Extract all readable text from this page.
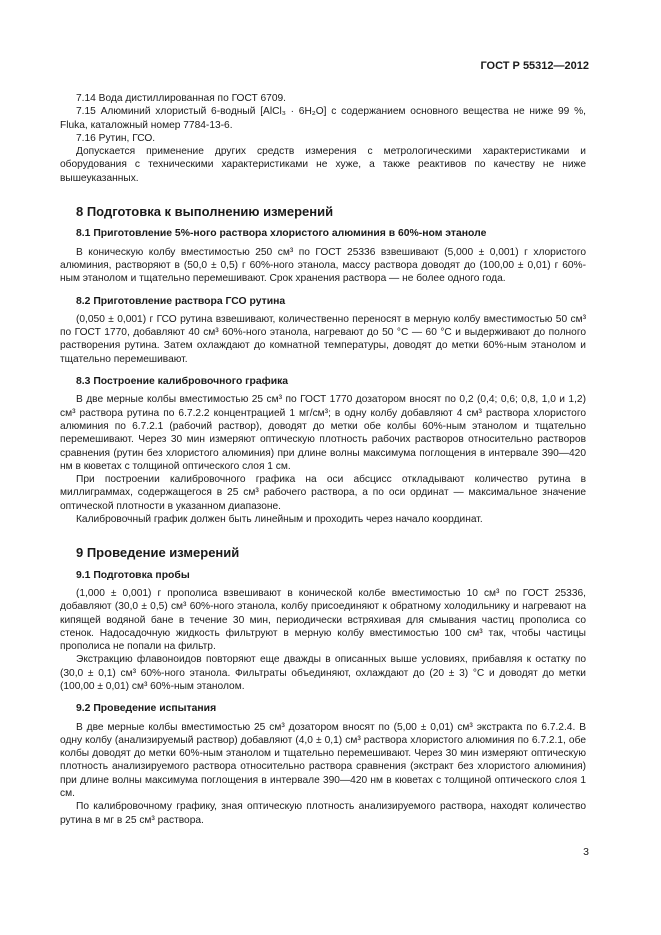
ГОСТ Р 55312—2012

7.14 Вода дистиллированная по ГОСТ 6709.

7.15 Алюминий хлористый 6-водный [AlCl₃ · 6H₂O] с содержанием основного вещества не ниже 99 %, Fluka, каталожный номер 7784-13-6.

7.16 Рутин, ГСО.

Допускается применение других средств измерения с метрологическими характеристиками и оборудования с техническими характеристиками не хуже, а также реактивов по качеству не ниже вышеуказанных.

8 Подготовка к выполнению измерений
8.1 Приготовление 5%-ного раствора хлористого алюминия в 60%-ном этаноле

В коническую колбу вместимостью 250 см³ по ГОСТ 25336 взвешивают (5,000 ± 0,001) г хлористого алюминия, растворяют в (50,0 ± 0,5) г 60%-ного этанола, массу раствора доводят до (100,00 ± 0,01) г 60%-ным этанолом и тщательно перемешивают. Срок хранения раствора — не более одного года.

8.2 Приготовление раствора ГСО рутина

(0,050 ± 0,001) г ГСО рутина взвешивают, количественно переносят в мерную колбу вместимостью 50 см³ по ГОСТ 1770, добавляют 40 см³ 60%-ного этанола, нагревают до 50 °С — 60 °С и выдерживают до полного растворения рутина. Затем охлаждают до комнатной температуры, доводят до метки 60%-ным этанолом и тщательно перемешивают.

8.3 Построение калибровочного графика

В две мерные колбы вместимостью 25 см³ по ГОСТ 1770 дозатором вносят по 0,2 (0,4; 0,6; 0,8, 1,0 и 1,2) см³ раствора рутина по 6.7.2.2 концентрацией 1 мг/см³; в одну колбу добавляют 4 см³ раствора хлористого алюминия по 6.7.2.1 (рабочий раствор), доводят до метки обе колбы 60%-ным этанолом и тщательно перемешивают. Через 30 мин измеряют оптическую плотность рабочих растворов относительно растворов сравнения (рутин без хлористого алюминия) при длине волны максимума поглощения в интервале 390—420 нм в кюветах с толщиной оптического слоя 1 см.

При построении калибровочного графика на оси абсцисс откладывают количество рутина в миллиграммах, содержащегося в 25 см³ рабочего раствора, а по оси ординат — максимальное значение оптической плотности в указанном диапазоне.

Калибровочный график должен быть линейным и проходить через начало координат.

9 Проведение измерений
9.1 Подготовка пробы

(1,000 ± 0,001) г прополиса взвешивают в конической колбе вместимостью 10 см³ по ГОСТ 25336, добавляют (30,0 ± 0,5) см³ 60%-ного этанола, колбу присоединяют к обратному холодильнику и нагревают на кипящей водяной бане в течение 30 мин, периодически встряхивая для смывания частиц прополиса со стенок. Надосадочную жидкость фильтруют в мерную колбу вместимостью 100 см³ так, чтобы частицы прополиса не попали на фильтр.

Экстракцию флавоноидов повторяют еще дважды в описанных выше условиях, прибавляя к остатку по (30,0 ± 0,1) см³ 60%-ного этанола. Фильтраты объединяют, охлаждают до (20 ± 3) °С и доводят до метки (100,00 ± 0,01) см³ 60%-ным этанолом.

9.2 Проведение испытания

В две мерные колбы вместимостью 25 см³ дозатором вносят по (5,00 ± 0,01) см³ экстракта по 6.7.2.4. В одну колбу (анализируемый раствор) добавляют (4,0 ± 0,1) см³ раствора хлористого алюминия по 6.7.2.1, обе колбы доводят до метки 60%-ным этанолом и тщательно перемешивают. Через 30 мин измеряют оптическую плотность анализируемого раствора относительно раствора сравнения (экстракт без хлористого алюминия) при длине волны максимума поглощения в интервале 390—420 нм в кюветах с толщиной оптического слоя 1 см.

По калибровочному графику, зная оптическую плотность анализируемого раствора, находят количество рутина в мг в 25 см³ раствора.

3
